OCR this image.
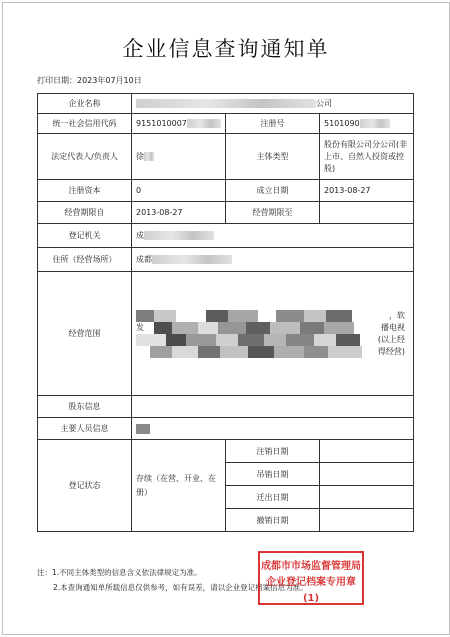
企业信息查询通知单
打印日期：2023年07月10日
企业名称	公司		
统一社会信用代码	9151010007	注册号	5101090
法定代表人/负责人	徐	主体类型	股份有限公司分公司(非上市、自然人投资或控股)
注册资本	0	成立日期	2013-08-27
经营期限自	2013-08-27	经营期限至	
登记机关	成		
住所（经营场所）	成都		
经营范围	，软
播电视
(以上经
得经营)
发		

股东信息			
主要人员信息			
登记状态	存续（在营、开业、在册）	注销日期	
		吊销日期	
		迁出日期	
		撤销日期	
注：1.不同主体类型的信息含义依法律规定为准。
2.本查询通知单所载信息仅供参考，如有误差，请以企业登记档案信息为准。
成都市市场监督管理局
企业登记档案专用章(1)
